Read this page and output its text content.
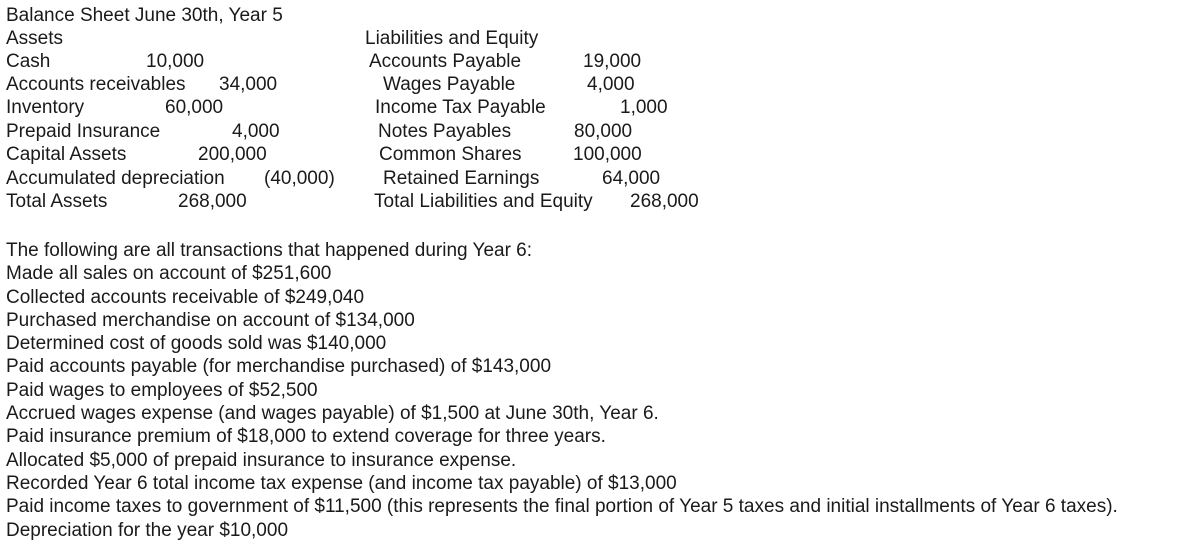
Balance Sheet June 30th, Year 5
Assets	Liabilities and Equity
Cash	10,000
Accounts receivables 34,000
Inventory	60,000
Prepaid Insurance	4,000
Capital Assets	200,000
Accumulated depreciation (40,000)
Total Assets	268,000
Accounts Payable	19,000
Wages Payable	4,000
Income Tax Payable	1,000
Notes Payables	80,000
Common Shares	100,000
Retained Earnings	64,000
Total Liabilities and Equity 268,000
The following are all transactions that happened during Year 6:
Made all sales on account of $251,600
Collected accounts receivable of $249,040
Purchased merchandise on account of $134,000
Determined cost of goods sold was $140,000
Paid accounts payable (for merchandise purchased) of $143,000
Paid wages to employees of $52,500
Accrued wages expense (and wages payable) of $1,500 at June 30th, Year 6.
Paid insurance premium of $18,000 to extend coverage for three years.
Allocated $5,000 of prepaid insurance to insurance expense.
Recorded Year 6 total income tax expense (and income tax payable) of $13,000
Paid income taxes to government of $11,500 (this represents the final portion of Year 5 taxes and initial installments of Year 6 taxes).
Depreciation for the year $10,000
